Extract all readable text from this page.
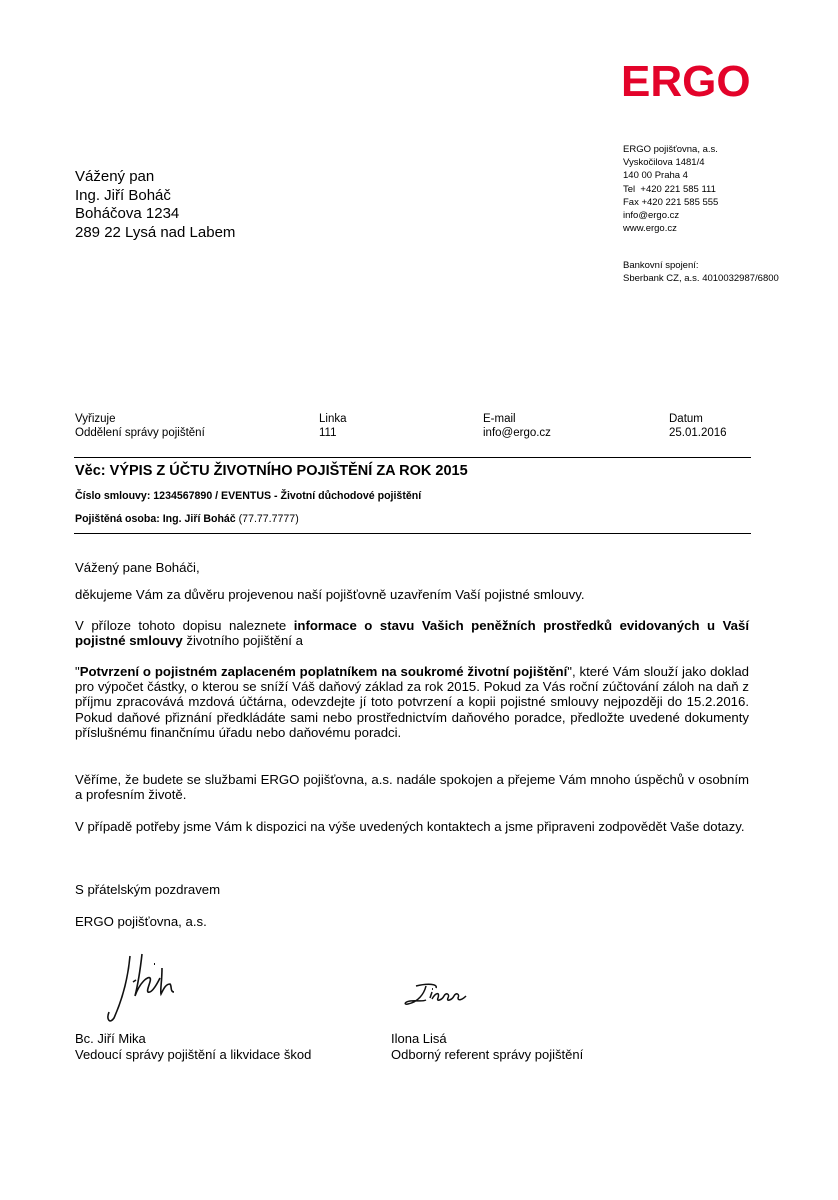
ERGO
ERGO pojišťovna, a.s.
Vyskočilova 1481/4
140 00 Praha 4
Tel  +420 221 585 111
Fax +420 221 585 555
info@ergo.cz
www.ergo.cz
Bankovní spojení:
Sberbank CZ, a.s. 4010032987/6800
Vážený pan
Ing. Jiří Boháč
Boháčova 1234
289 22 Lysá nad Labem
Vyřizuje
Oddělení správy pojištění
Linka
111
E-mail
info@ergo.cz
Datum
25.01.2016
Věc: VÝPIS Z ÚČTU ŽIVOTNÍHO POJIŠTĚNÍ ZA ROK 2015
Číslo smlouvy: 1234567890 / EVENTUS - Životní důchodové pojištění
Pojištěná osoba: Ing. Jiří Boháč (77.77.7777)

Vážený pane Boháči,

děkujeme Vám za důvěru projevenou naší pojišťovně uzavřením Vaší pojistné smlouvy.

V příloze tohoto dopisu naleznete informace o stavu Vašich peněžních prostředků evidovaných u Vaší pojistné smlouvy životního pojištění a

"Potvrzení o pojistném zaplaceném poplatníkem na soukromé životní pojištění", které Vám slouží jako doklad pro výpočet částky, o kterou se sníží Váš daňový základ za rok 2015. Pokud za Vás roční zúčtování záloh na daň z příjmu zpracovává mzdová účtárna, odevzdejte jí toto potvrzení a kopii pojistné smlouvy nejpozději do 15.2.2016. Pokud daňové přiznání předkládáte sami nebo prostřednictvím daňového poradce, předložte uvedené dokumenty příslušnému finančnímu úřadu nebo daňovému poradci.

Věříme, že budete se službami ERGO pojišťovna, a.s. nadále spokojen a přejeme Vám mnoho úspěchů v osobním a profesním životě.

V případě potřeby jsme Vám k dispozici na výše uvedených kontaktech a jsme připraveni zodpovědět Vaše dotazy.

S přátelským pozdravem

ERGO pojišťovna, a.s.

Bc. Jiří Mika
Vedoucí správy pojištění a likvidace škod
Ilona Lisá
Odborný referent správy pojištění
